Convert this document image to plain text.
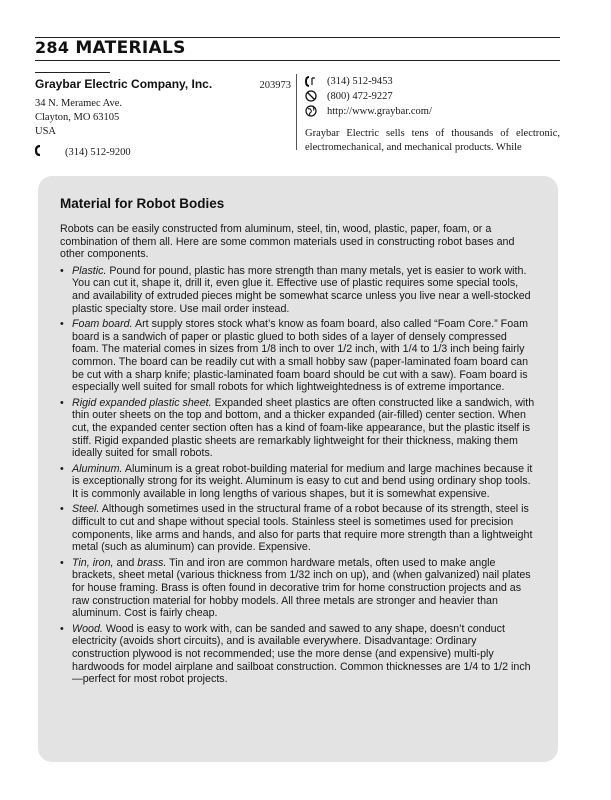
284 MATERIALS
Graybar Electric Company, Inc.	203973
34 N. Meramec Ave.
Clayton, MO 63105
USA
(314) 512-9200
(314) 512-9453
(800) 472-9227
http://www.graybar.com/
Graybar Electric sells tens of thousands of electronic, electromechanical, and mechanical products. While
Material for Robot Bodies

Robots can be easily constructed from aluminum, steel, tin, wood, plastic, paper, foam, or a combination of them all. Here are some common materials used in constructing robot bases and other components.

• Plastic. Pound for pound, plastic has more strength than many metals, yet is easier to work with. You can cut it, shape it, drill it, even glue it. Effective use of plastic requires some special tools, and availability of extruded pieces might be somewhat scarce unless you live near a well-stocked plastic specialty store. Use mail order instead.
• Foam board. Art supply stores stock what’s know as foam board, also called “Foam Core.” Foam board is a sandwich of paper or plastic glued to both sides of a layer of densely compressed foam. The material comes in sizes from 1/8 inch to over 1/2 inch, with 1/4 to 1/3 inch being fairly common. The board can be readily cut with a small hobby saw (paper-laminated foam board can be cut with a sharp knife; plastic-laminated foam board should be cut with a saw). Foam board is especially well suited for small robots for which lightweightedness is of extreme importance.
• Rigid expanded plastic sheet. Expanded sheet plastics are often constructed like a sandwich, with thin outer sheets on the top and bottom, and a thicker expanded (air-filled) center section. When cut, the expanded center section often has a kind of foam-like appearance, but the plastic itself is stiff. Rigid expanded plastic sheets are remarkably lightweight for their thickness, making them ideally suited for small robots.
• Aluminum. Aluminum is a great robot-building material for medium and large machines because it is exceptionally strong for its weight. Aluminum is easy to cut and bend using ordinary shop tools. It is commonly available in long lengths of various shapes, but it is somewhat expensive.
• Steel. Although sometimes used in the structural frame of a robot because of its strength, steel is difficult to cut and shape without special tools. Stainless steel is sometimes used for precision components, like arms and hands, and also for parts that require more strength than a lightweight metal (such as aluminum) can provide. Expensive.
• Tin, iron, and brass. Tin and iron are common hardware metals, often used to make angle brackets, sheet metal (various thickness from 1/32 inch on up), and (when galvanized) nail plates for house framing. Brass is often found in decorative trim for home construction projects and as raw construction material for hobby models. All three metals are stronger and heavier than aluminum. Cost is fairly cheap.
• Wood. Wood is easy to work with, can be sanded and sawed to any shape, doesn’t conduct electricity (avoids short circuits), and is available everywhere. Disadvantage: Ordinary construction plywood is not recommended; use the more dense (and expensive) multi-ply hardwoods for model airplane and sailboat construction. Common thicknesses are 1/4 to 1/2 inch—perfect for most robot projects.
